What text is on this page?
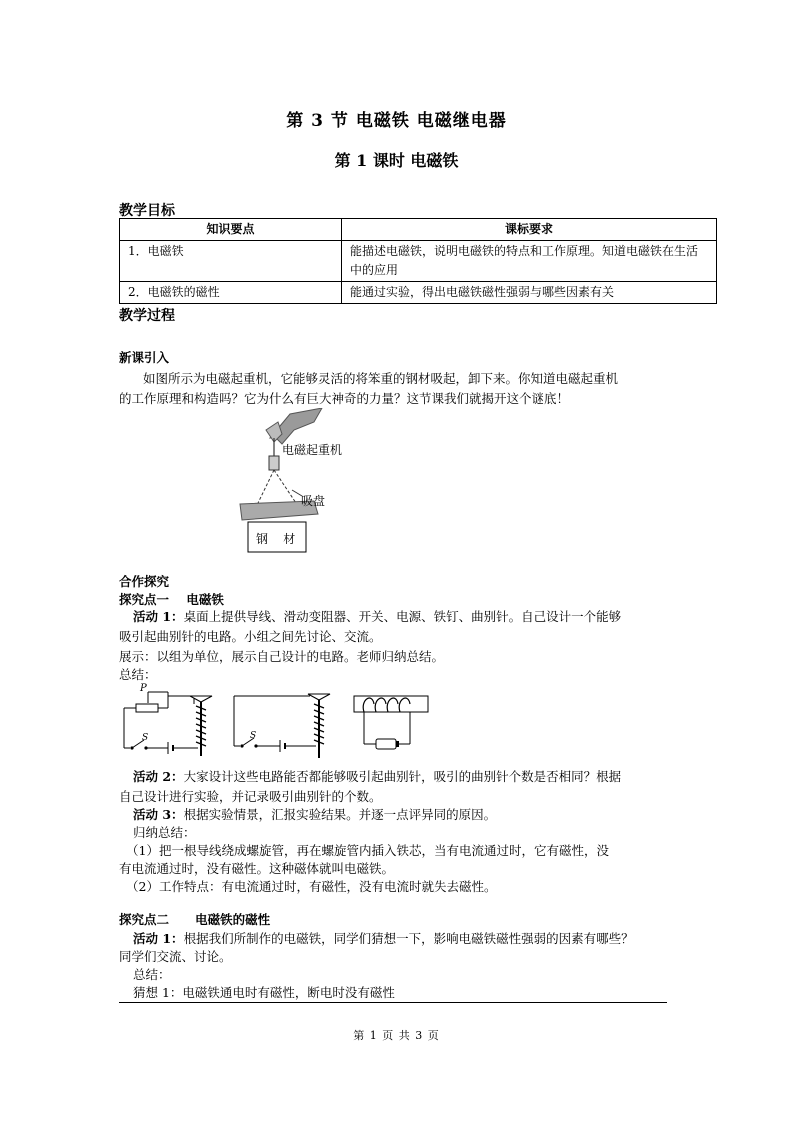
第 3 节 电磁铁 电磁继电器
第 1 课时 电磁铁
教学目标
知识要点	课标要求
1．电磁铁	能描述电磁铁，说明电磁铁的特点和工作原理。知道电磁铁在生活中的应用
2．电磁铁的磁性	能通过实验，得出电磁铁磁性强弱与哪些因素有关
教学过程
新课引入
如图所示为电磁起重机，它能够灵活的将笨重的钢材吸起，卸下来。你知道电磁起重机
的工作原理和构造吗？它为什么有巨大神奇的力量？这节课我们就揭开这个谜底！
电磁起重机
吸盘
钢    材
合作探究
探究点一    电磁铁
活动 1：桌面上提供导线、滑动变阻器、开关、电源、铁钉、曲别针。自己设计一个能够
吸引起曲别针的电路。小组之间先讨论、交流。
展示：以组为单位，展示自己设计的电路。老师归纳总结。
总结：
P
S	S
活动 2：大家设计这些电路能否都能够吸引起曲别针，吸引的曲别针个数是否相同？根据
自己设计进行实验，并记录吸引曲别针的个数。
活动 3：根据实验情景，汇报实验结果。并逐一点评异同的原因。
归纳总结：
（1）把一根导线绕成螺旋管，再在螺旋管内插入铁芯，当有电流通过时，它有磁性，没
有电流通过时，没有磁性。这种磁体就叫电磁铁。
（2）工作特点：有电流通过时，有磁性，没有电流时就失去磁性。
探究点二      电磁铁的磁性
活动 1：根据我们所制作的电磁铁，同学们猜想一下，影响电磁铁磁性强弱的因素有哪些？
同学们交流、讨论。
总结：
猜想 1：电磁铁通电时有磁性，断电时没有磁性
第 1 页 共 3 页
